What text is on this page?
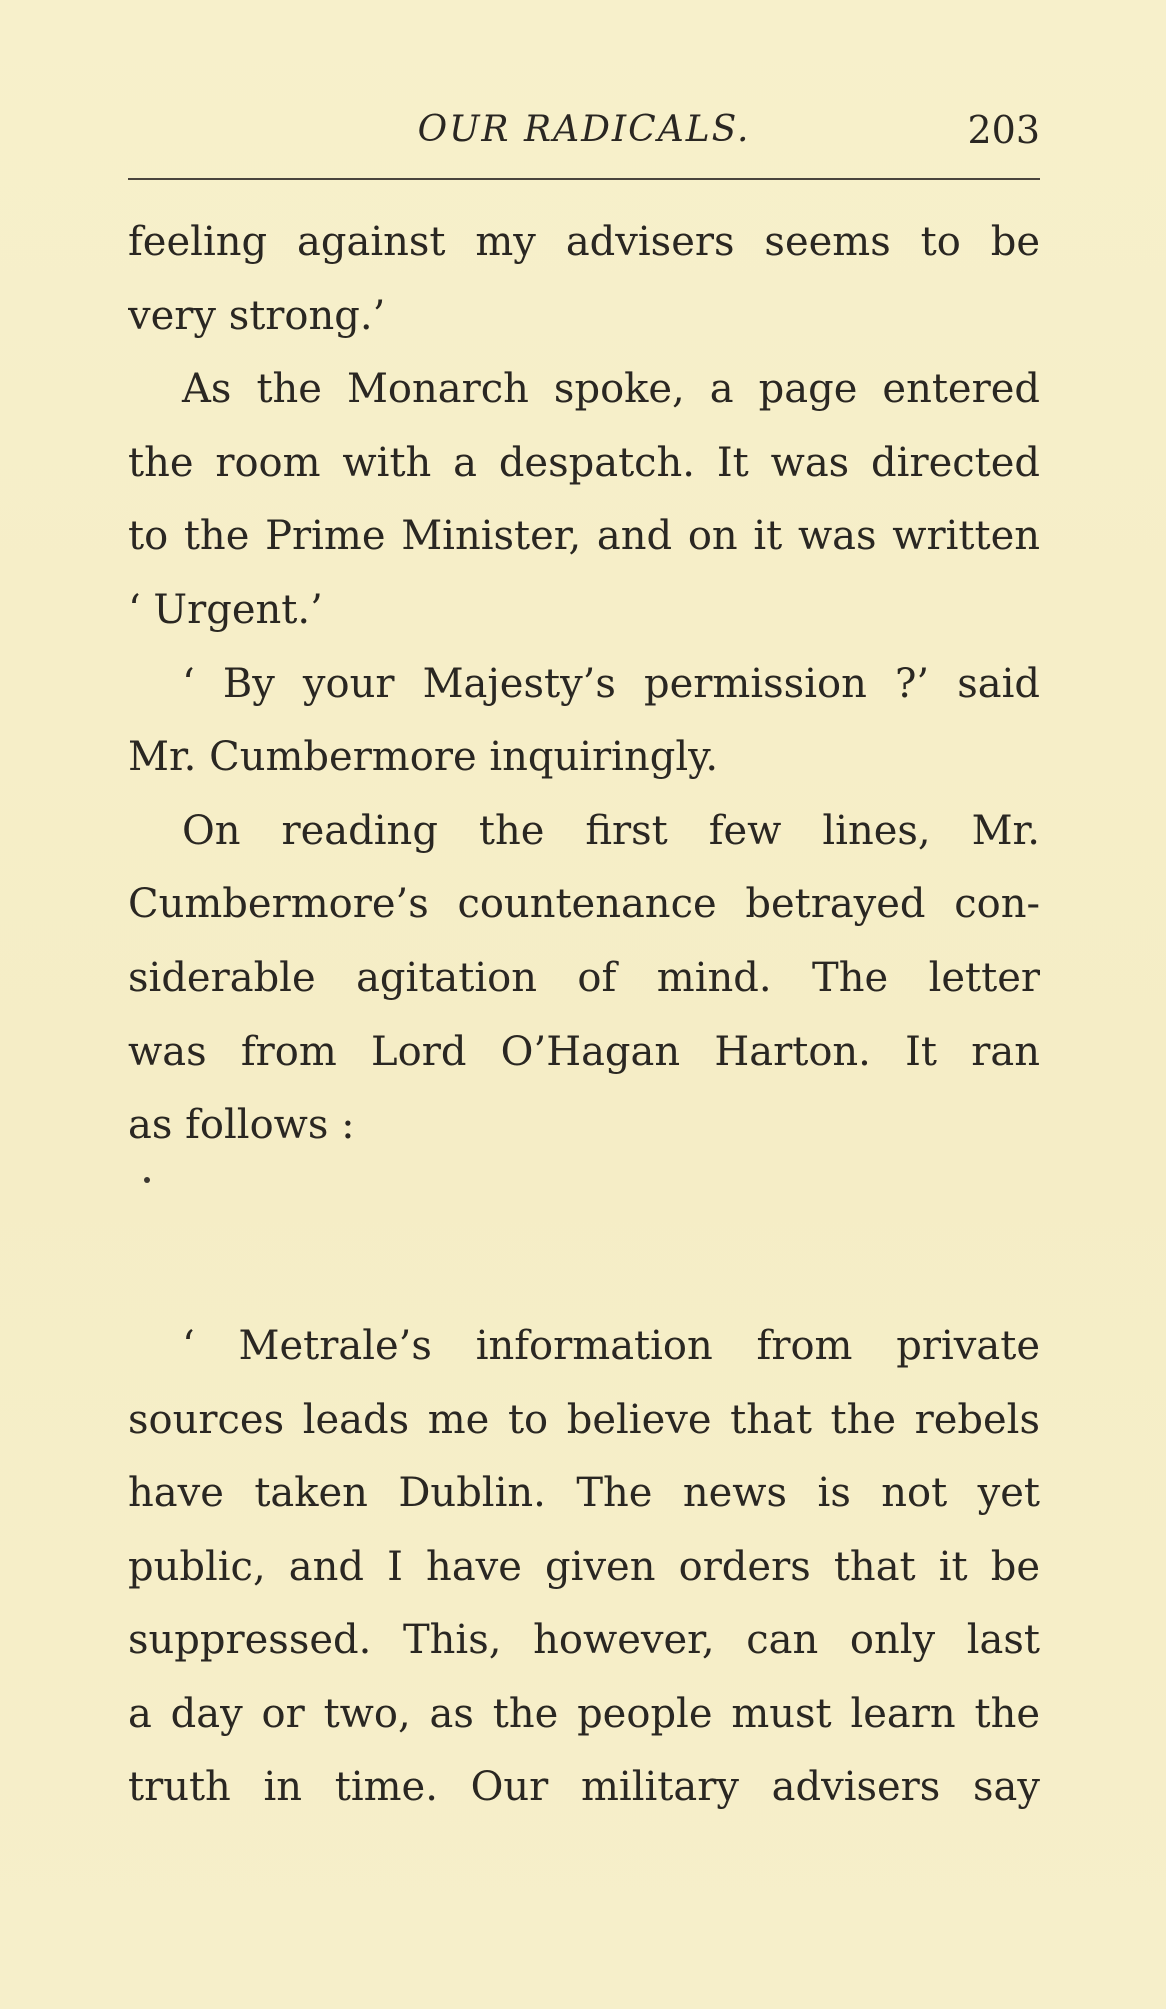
OUR RADICALS.	203
feeling against my advisers seems to be
very strong.’
As the Monarch spoke, a page entered
the room with a despatch. It was directed
to the Prime Minister, and on it was written
‘ Urgent.’
‘ By your Majesty’s permission ?’ said
Mr. Cumbermore inquiringly.
On reading the first few lines, Mr.
Cumbermore’s countenance betrayed con-
siderable agitation of mind. The letter
was from Lord O’Hagan Harton. It ran
as follows :
‘ Metrale’s information from private
sources leads me to believe that the rebels
have taken Dublin. The news is not yet
public, and I have given orders that it be
suppressed. This, however, can only last
a day or two, as the people must learn the
truth in time. Our military advisers say
